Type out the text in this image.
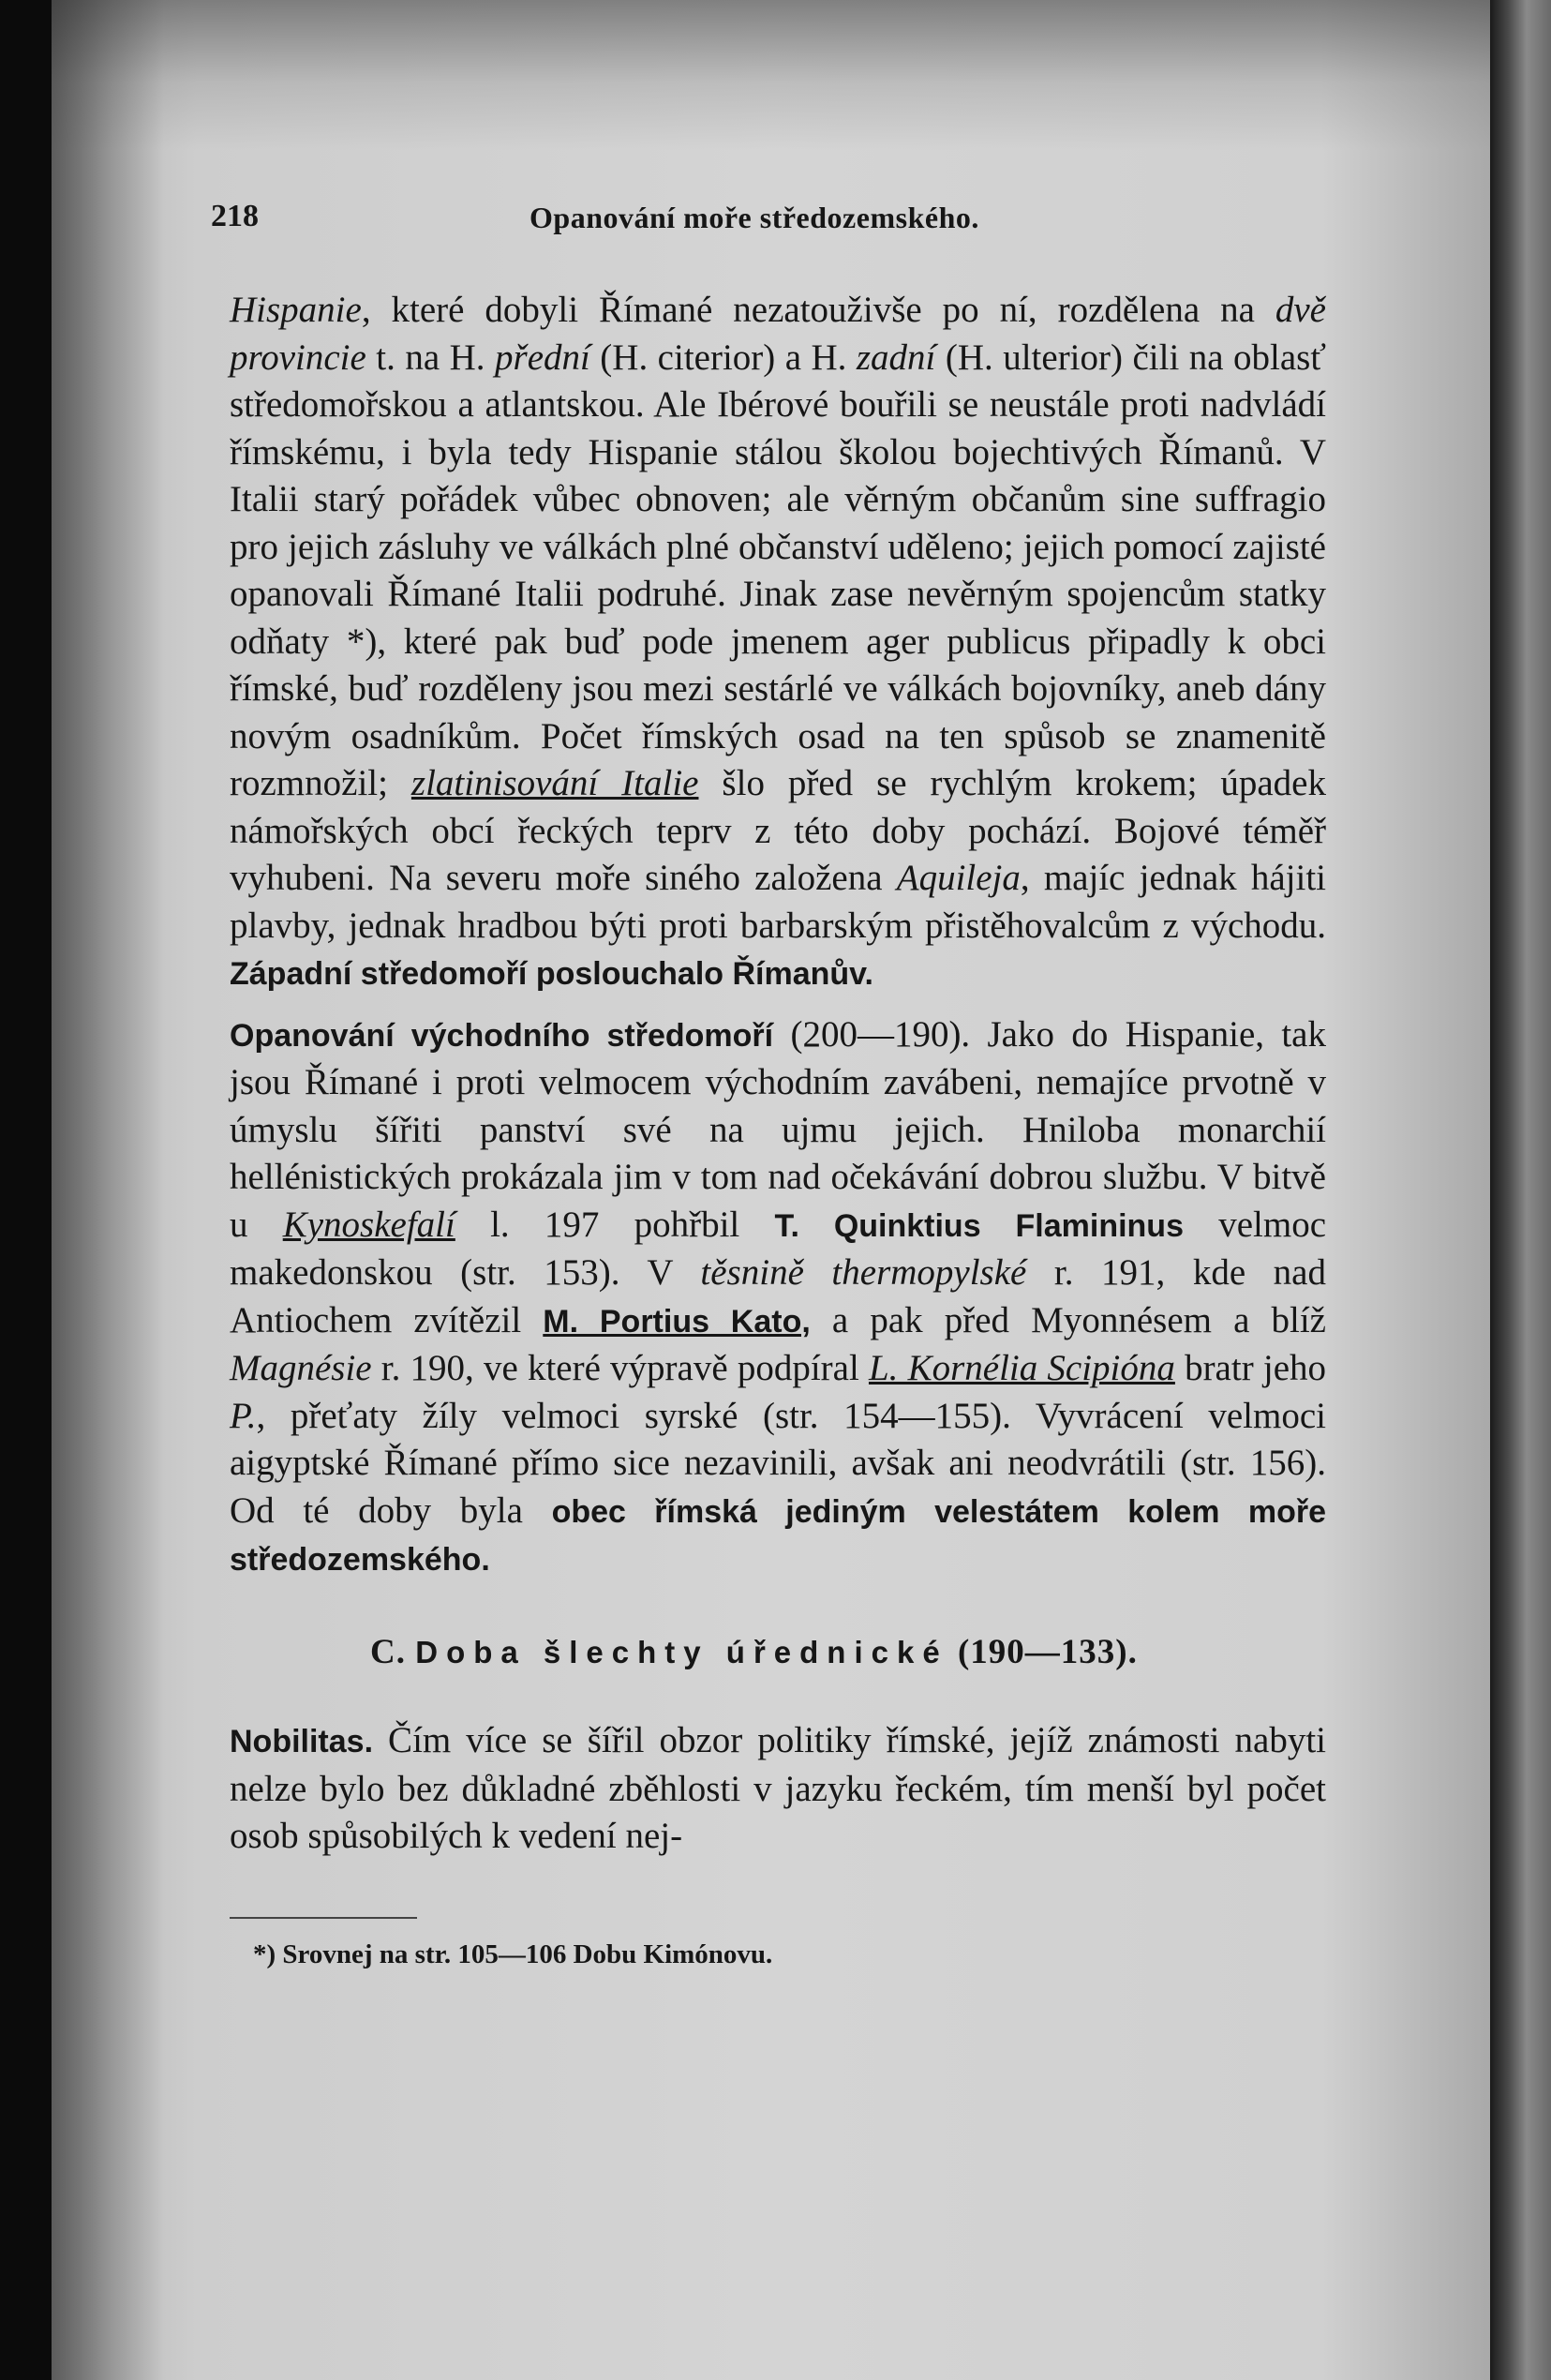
218	Opanování moře středozemského.

Hispanie, které dobyli Římané nezatouživše po ní, rozdělena na dvě provincie t. na H. přední (H. citerior) a H. zadní (H. ulterior) čili na oblasť středomořskou a atlantskou. Ale Ibérové bouřili se neustále proti nadvládí římskému, i byla tedy Hispanie stálou školou bojechtivých Římanů. V Italii starý pořádek vůbec obnoven; ale věrným občanům sine suffragio pro jejich zásluhy ve válkách plné občanství uděleno; jejich pomocí zajisté opanovali Římané Italii podruhé. Jinak zase nevěrným spojencům statky odňaty *), které pak buď pode jmenem ager publicus připadly k obci římské, buď rozděleny jsou mezi sestárlé ve válkách bojovníky, aneb dány novým osadníkům. Počet římských osad na ten spůsob se znamenitě rozmnožil; zlatinisování Italie šlo před se rychlým krokem; úpadek námořských obcí řeckých teprv z této doby pochází. Bojové téměř vyhubeni. Na severu moře siného založena Aquileja, majíc jednak hájiti plavby, jednak hradbou býti proti barbarským přistěhovalcům z východu. Západní středomoří poslouchalo Římanův.

Opanování východního středomoří (200—190). Jako do Hispanie, tak jsou Římané i proti velmocem východním zavábeni, nemajíce prvotně v úmyslu šířiti panství své na ujmu jejich. Hniloba monarchií hellénistických prokázala jim v tom nad očekávání dobrou službu. V bitvě u Kynoskefalí l. 197 pohřbil T. Quinktius Flamininus velmoc makedonskou (str. 153). V těsnině thermopylské r. 191, kde nad Antiochem zvítězil M. Portius Kato, a pak před Myonnésem a blíž Magnésie r. 190, ve které výpravě podpíral L. Kornélia Scipióna bratr jeho P., přeťaty žíly velmoci syrské (str. 154—155). Vyvrácení velmoci aigyptské Římané přímo sice nezavinili, avšak ani neodvrátili (str. 156). Od té doby byla obec římská jediným velestátem kolem moře středozemského.

C. Doba šlechty úřednické (190—133).

Nobilitas. Čím více se šířil obzor politiky římské, jejíž známosti nabyti nelze bylo bez důkladné zběhlosti v jazyku řeckém, tím menší byl počet osob spůsobilých k vedení nej-

*) Srovnej na str. 105—106 Dobu Kimónovu.
